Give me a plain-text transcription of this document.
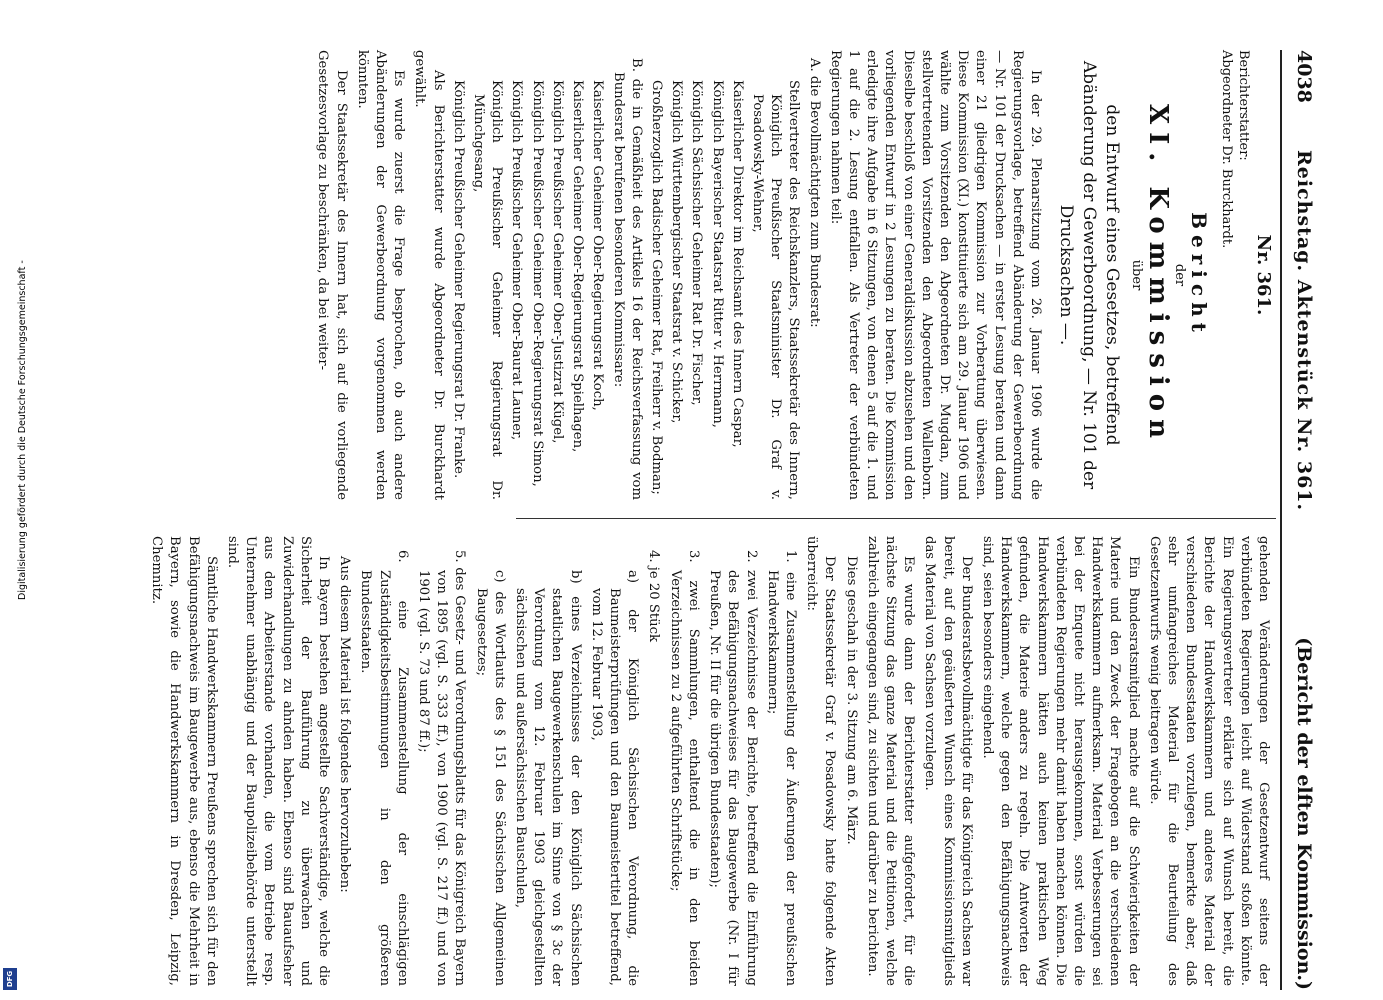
4038
Reichstag. Aktenstück Nr. 361.
(Bericht der elften Kommission.)
Nr. 361.
Berichterstatter:
Abgeordneter Dr. Burckhardt.
Bericht
der
XI. Kommission
über
den Entwurf eines Gesetzes, betreffend Abänderung der Gewerbeordnung, — Nr. 101 der Drucksachen —.

In der 29. Plenarsitzung vom 26. Januar 1906 wurde die Regierungsvorlage, betreffend Abänderung der Gewerbeordnung — Nr. 101 der Drucksachen — in erster Lesung beraten und dann einer 21 gliedrigen Kommission zur Vorberatung überwiesen. Diese Kommission (XI.) konstituierte sich am 29. Januar 1906 und wählte zum Vorsitzenden den Abgeordneten Dr. Mugdan, zum stellvertretenden Vorsitzenden den Abgeordneten Wallenborn. Dieselbe beschloß von einer Generaldiskussion abzusehen und den vorliegenden Entwurf in 2 Lesungen zu beraten. Die Kommission erledigte ihre Aufgabe in 6 Sitzungen, von denen 5 auf die 1. und 1 auf die 2. Lesung entfallen. Als Vertreter der verbündeten Regierungen nahmen teil:

A. die Bevollmächtigten zum Bundesrat:
Stellvertreter des Reichskanzlers, Staatssekretär des Innern, Königlich Preußischer Staatsminister Dr. Graf v. Posadowsky-Wehner,
Kaiserlicher Direktor im Reichsamt des Innern Caspar,
Königlich Bayerischer Staatsrat Ritter v. Herrmann,
Königlich Sächsischer Geheimer Rat Dr. Fischer,
Königlich Württembergischer Staatsrat v. Schicker,
Großherzoglich Badischer Geheimer Rat, Freiherr v. Bodman;
B. die in Gemäßheit des Artikels 16 der Reichsverfassung vom Bundesrat berufenen besonderen Kommissare:
Kaiserlicher Geheimer Ober-Regierungsrat Koch,
Kaiserlicher Geheimer Ober-Regierungsrat Spielhagen,
Königlich Preußischer Geheimer Ober-Justizrat Kügel,
Königlich Preußischer Geheimer Ober-Regierungsrat Simon,
Königlich Preußischer Geheimer Ober-Baurat Launer,
Königlich Preußischer Geheimer Regierungsrat Dr. Münchgesang,
Königlich Preußischer Geheimer Regierungsrat Dr. Franke.

Als Berichterstatter wurde Abgeordneter Dr. Burckhardt gewählt.

Es wurde zuerst die Frage besprochen, ob auch andere Abänderungen der Gewerbeordnung vorgenommen werden könnten.

Der Staatssekretär des Innern hat, sich auf die vorliegende Gesetzesvorlage zu beschränken, da bei weiter-

gehenden Veränderungen der Gesetzentwurf seitens der verbündeten Regierungen leicht auf Widerstand stoßen könnte. Ein Regierungsvertreter erklärte sich auf Wunsch bereit, die Berichte der Handwerkskammern und anderes Material der verschiedenen Bundesstaaten vorzulegen, bemerkte aber, daß sehr umfangreiches Material für die Beurteilung des Gesetzentwurfs wenig beitragen würde.

Ein Bundesratsmitglied machte auf die Schwierigkeiten der Materie und den Zweck der Fragebogen an die verschiedenen Handwerkskammern aufmerksam. Material Verbesserungen sei bei der Enquete nicht herausgekommen, sonst würden die verbündeten Regierungen mehr damit haben machen können. Die Handwerkskammern hätten auch keinen praktischen Weg gefunden, die Materie anders zu regeln. Die Antworten der Handwerkskammern, welche gegen den Befähigungsnachweis sind, seien besonders eingehend.

Der Bundesratsbevollmächtigte für das Königreich Sachsen war bereit, auf den geäußerten Wunsch eines Kommissionsmitglieds das Material von Sachsen vorzulegen.

Es wurde dann der Berichterstatter aufgefordert, für die nächste Sitzung das ganze Material und die Petitionen, welche zahlreich eingegangen sind, zu sichten und darüber zu berichten.

Dies geschah in der 3. Sitzung am 6. März.

Der Staatssekretär Graf v. Posadowsky hatte folgende Akten überreicht:

1. eine Zusammenstellung der Äußerungen der preußischen Handwerkskammern;
2. zwei Verzeichnisse der Berichte, betreffend die Einführung des Befähigungsnachweises für das Baugewerbe (Nr. I für Preußen, Nr. II für die übrigen Bundesstaaten);
3. zwei Sammlungen, enthaltend die in den beiden Verzeichnissen zu 2 aufgeführten Schriftstücke;
4. je 20 Stück
a) der Königlich Sächsischen Verordnung, die Baumeisterprüfungen und den Baumeistertitel betreffend, vom 12. Februar 1903,
b) eines Verzeichnisses der den Königlich Sächsischen staatlichen Baugewerkenschulen im Sinne von § 3c der Verordnung vom 12. Februar 1903 gleichgestellten sächsischen und außersächsischen Bauschulen,
c) des Wortlauts des § 151 des Sächsischen Allgemeinen Baugesetzes;
5. des Gesetz- und Verordnungsblatts für das Königreich Bayern von 1895 (vgl. S. 333 ff.), von 1900 (vgl. S. 217 ff.) und von 1901 (vgl. S. 73 und 87 ff.);
6. eine Zusammenstellung der einschlägigen Zuständigkeitsbestimmungen in den größeren Bundesstaaten.

Aus diesem Material ist folgendes hervorzuheben:

In Bayern bestehen angestellte Sachverständige, welche die Sicherheit der Bauführung zu überwachen und Zuwiderhandlungen zu ahnden haben. Ebenso sind Bauaufseher aus dem Arbeiterstande vorhanden, die vom Betriebe resp. Unternehmer unabhängig und der Baupolizeibehörde unterstellt sind.

Sämtliche Handwerkskammern Preußens sprechen sich für den Befähigungsnachweis im Baugewerbe aus, ebenso die Mehrheit in Bayern, sowie die Handwerkskammern in Dresden, Leipzig, Chemnitz.

Digitalisierung gefördert durch die Deutsche Forschungsgemeinschaft -
DFG
